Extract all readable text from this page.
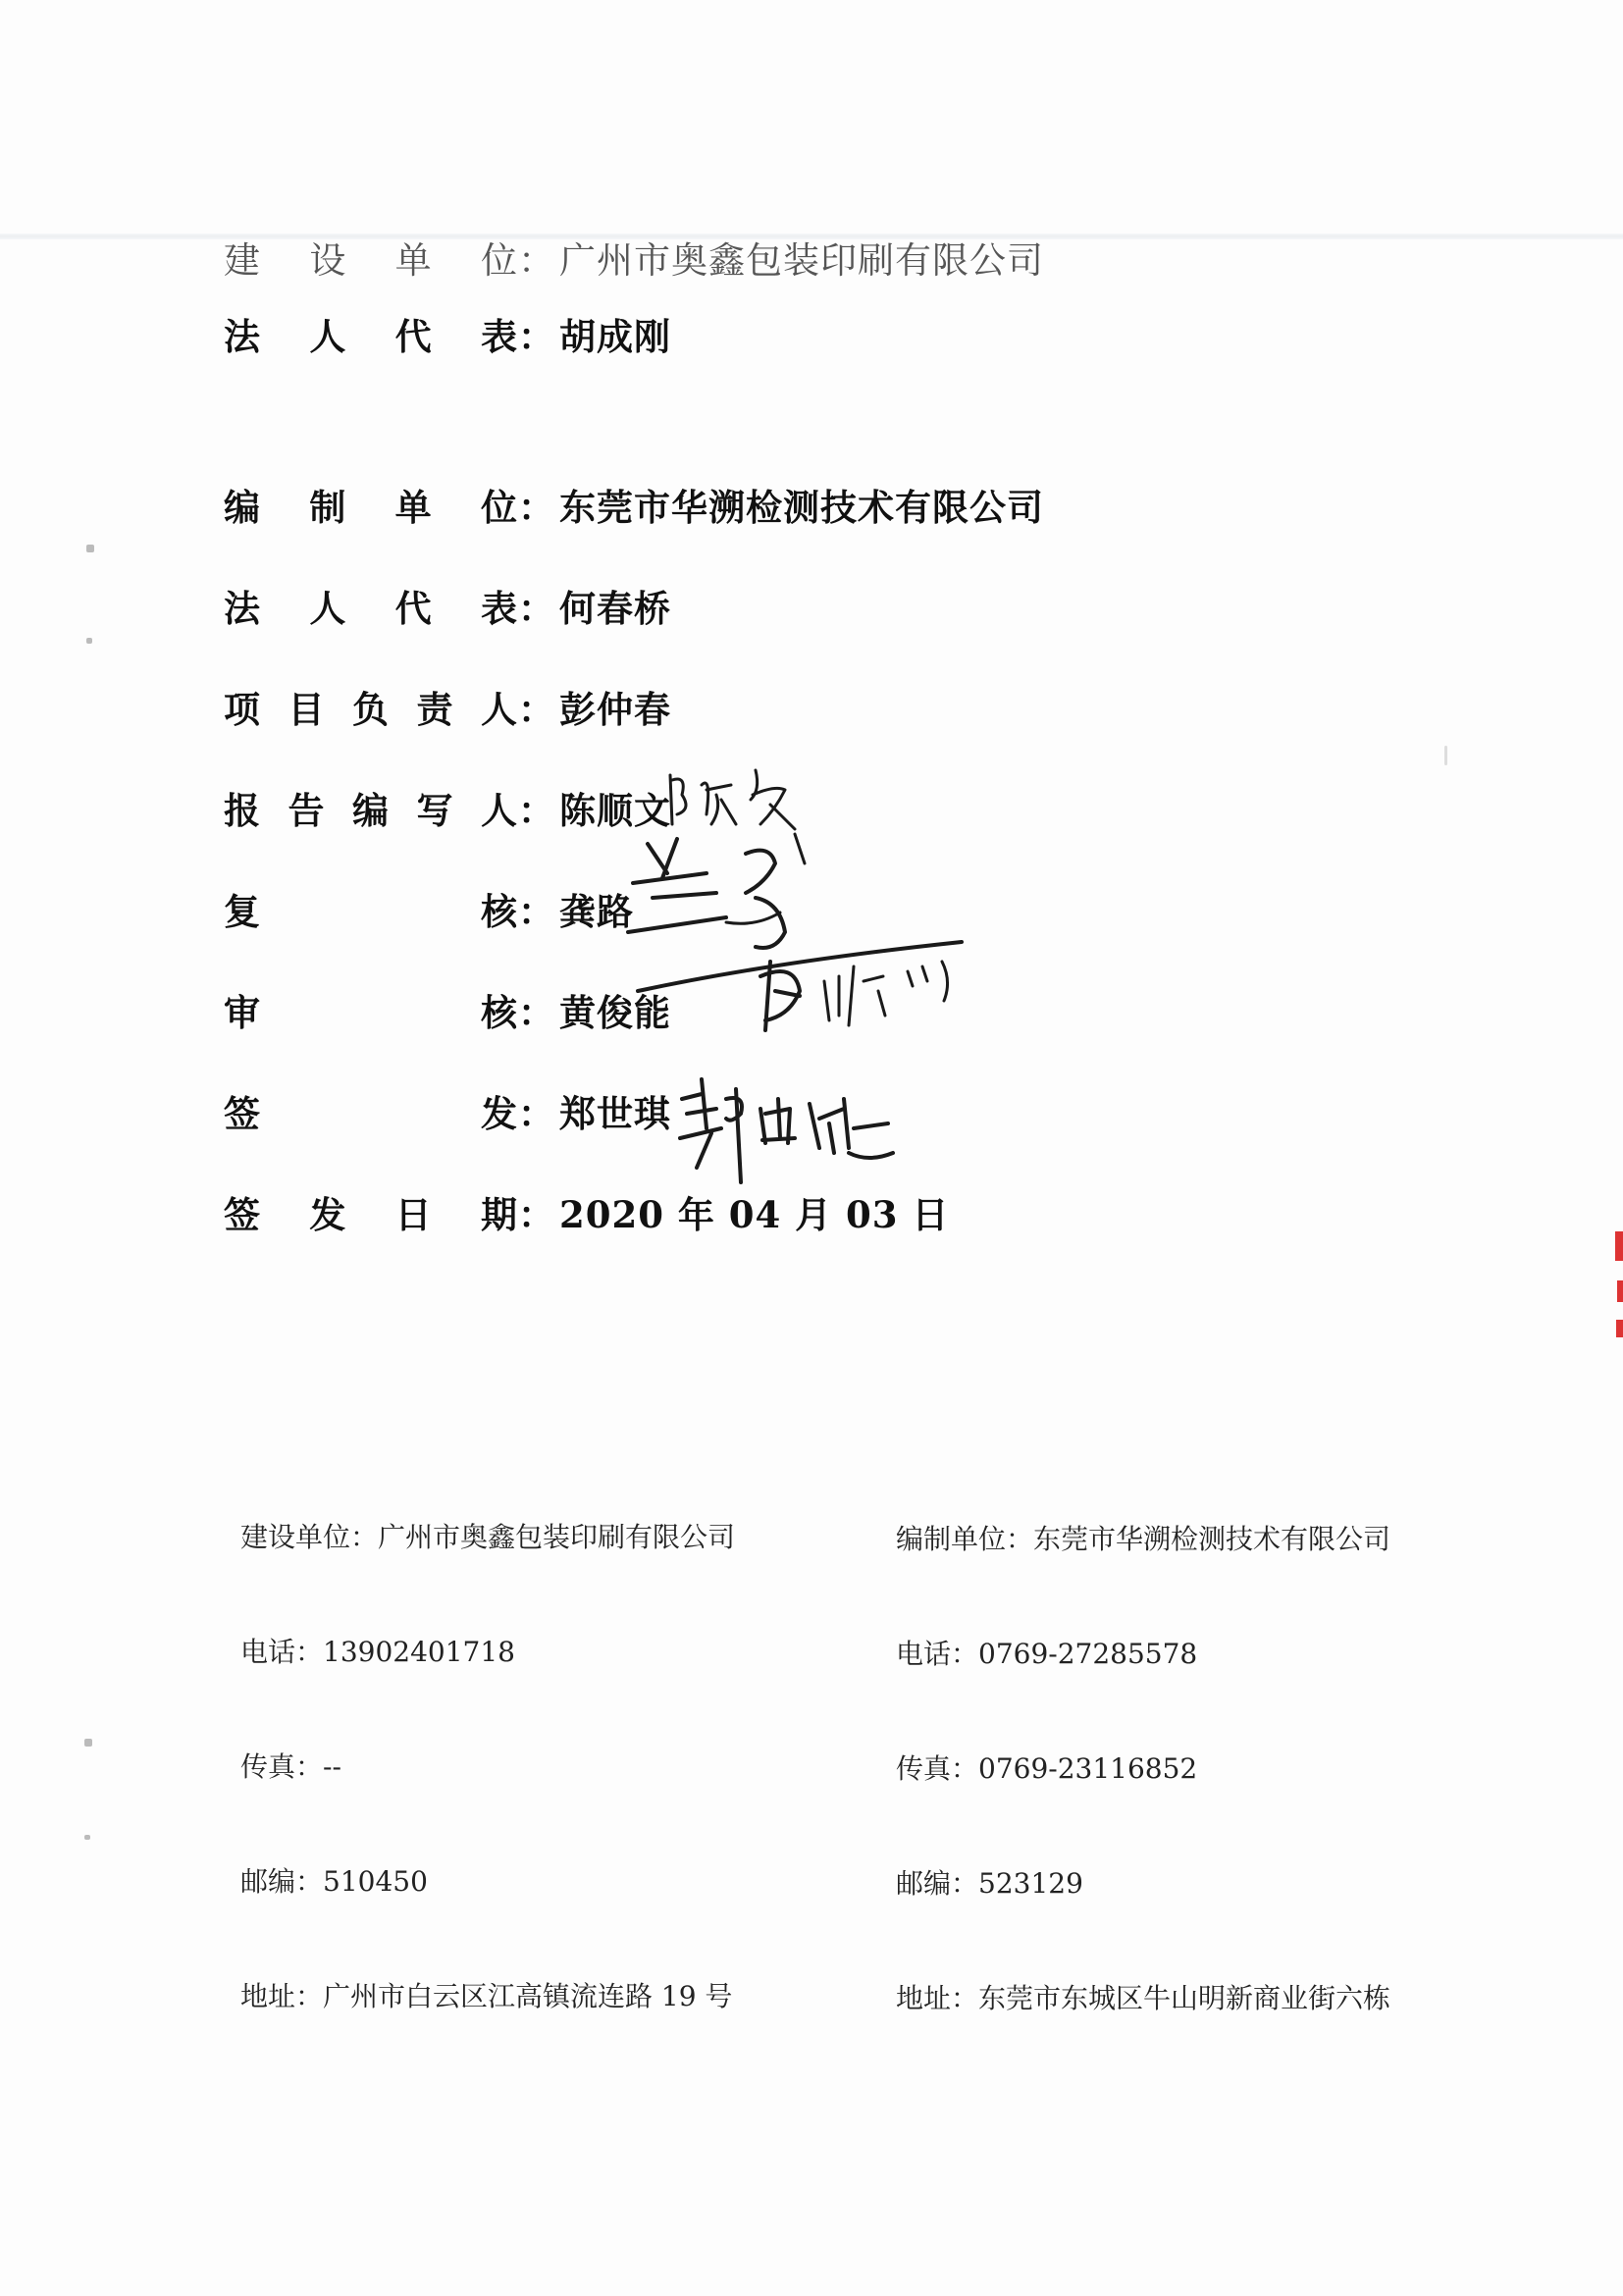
建 设 单 位 ： 广州市奥鑫包装印刷有限公司
法 人 代 表 ： 胡成刚
编 制 单 位 ： 东莞市华溯检测技术有限公司
法 人 代 表 ： 何春桥
项 目 负 责 人 ： 彭仲春
报 告 编 写 人 ： 陈顺文
复	核 ： 龚路
审	核 ： 黄俊能
签	发 ： 郑世琪
签 发 日 期 ： 2020 年 04 月 03 日
建设单位：广州市奥鑫包装印刷有限公司
电话：13902401718
传真：--
邮编：510450
地址：广州市白云区江高镇流连路 19 号
编制单位：东莞市华溯检测技术有限公司
电话：0769-27285578
传真：0769-23116852
邮编：523129
地址：东莞市东城区牛山明新商业街六栋
